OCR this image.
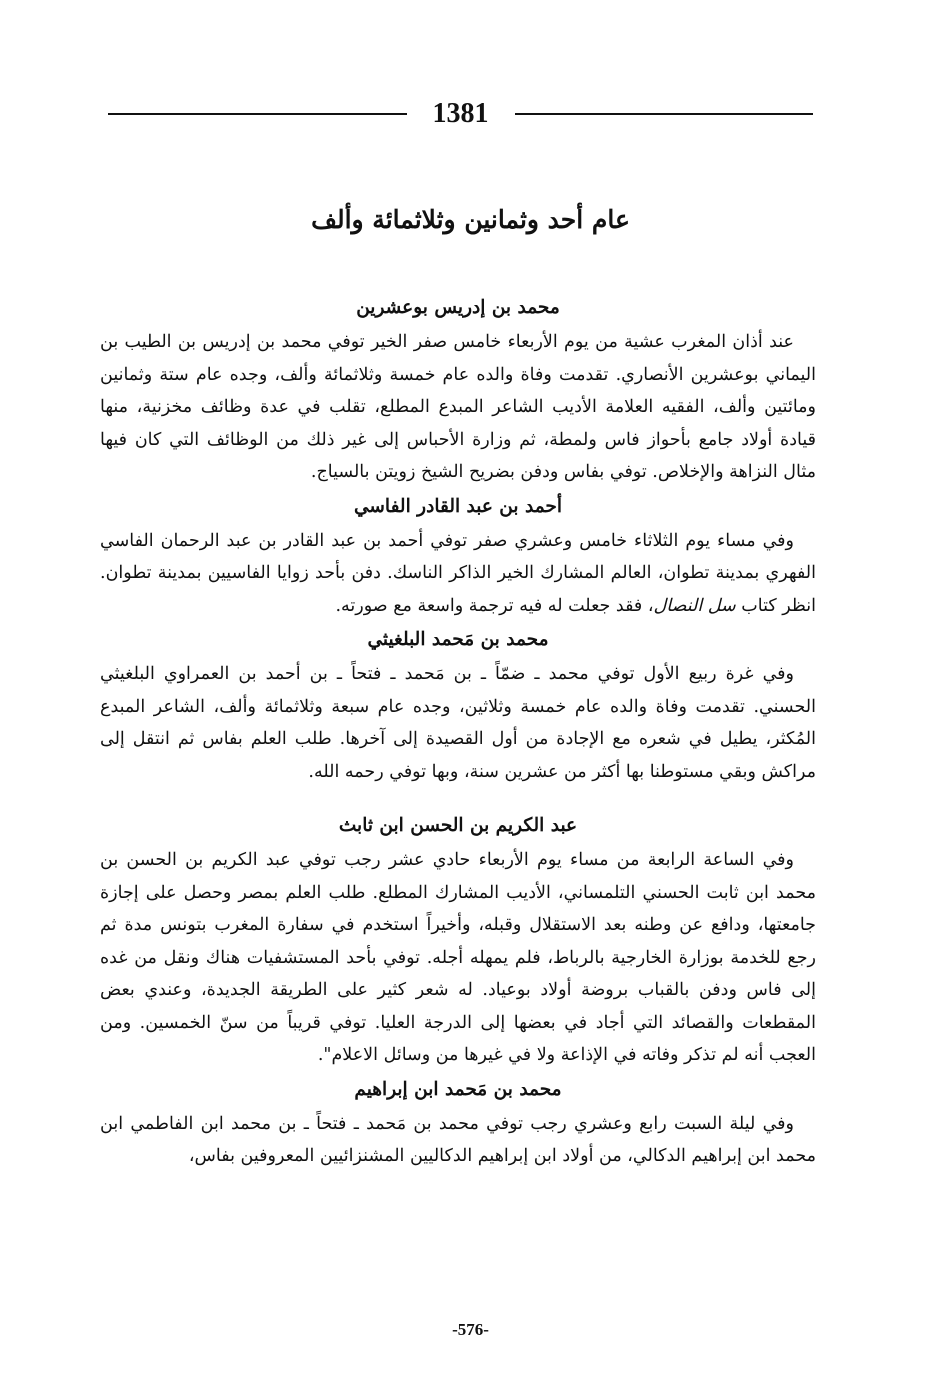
1381
عام أحد وثمانين وثلاثمائة وألف

محمد بن إدريس بوعشرين

عند أذان المغرب عشية من يوم الأربعاء خامس صفر الخير توفي محمد بن إدريس بن الطيب بن اليماني بوعشرين الأنصاري. تقدمت وفاة والده عام خمسة وثلاثمائة وألف، وجده عام ستة وثمانين ومائتين وألف، الفقيه العلامة الأديب الشاعر المبدع المطلع، تقلب في عدة وظائف مخزنية، منها قيادة أولاد جامع بأحواز فاس ولمطة، ثم وزارة الأحباس إلى غير ذلك من الوظائف التي كان فيها مثال النزاهة والإخلاص. توفي بفاس ودفن بضريح الشيخ زويتن بالسياج.

أحمد بن عبد القادر الفاسي

وفي مساء يوم الثلاثاء خامس وعشري صفر توفي أحمد بن عبد القادر بن عبد الرحمان الفاسي الفهري بمدينة تطوان، العالم المشارك الخير الذاكر الناسك. دفن بأحد زوايا الفاسيين بمدينة تطوان. انظر كتاب سل النصال، فقد جعلت له فيه ترجمة واسعة مع صورته.

محمد بن مَحمد البلغيثي

وفي غرة ربيع الأول توفي محمد ـ ضمّاً ـ بن مَحمد ـ فتحاً ـ بن أحمد بن العمراوي البلغيثي الحسني. تقدمت وفاة والده عام خمسة وثلاثين، وجده عام سبعة وثلاثمائة وألف، الشاعر المبدع المُكثر، يطيل في شعره مع الإجادة من أول القصيدة إلى آخرها. طلب العلم بفاس ثم انتقل إلى مراكش وبقي مستوطنا بها أكثر من عشرين سنة، وبها توفي رحمه الله.

عبد الكريم بن الحسن ابن ثابث

وفي الساعة الرابعة من مساء يوم الأربعاء حادي عشر رجب توفي عبد الكريم بن الحسن بن محمد ابن ثابت الحسني التلمساني، الأديب المشارك المطلع. طلب العلم بمصر وحصل على إجازة جامعتها، ودافع عن وطنه بعد الاستقلال وقبله، وأخيراً استخدم في سفارة المغرب بتونس مدة ثم رجع للخدمة بوزارة الخارجية بالرباط، فلم يمهله أجله. توفي بأحد المستشفيات هناك ونقل من غده إلى فاس ودفن بالقباب بروضة أولاد بوعياد. له شعر كثير على الطريقة الجديدة، وعندي بعض المقطعات والقصائد التي أجاد في بعضها إلى الدرجة العليا. توفي قريباً من سنّ الخمسين. ومن العجب أنه لم تذكر وفاته في الإذاعة ولا في غيرها من وسائل الاعلام".

محمد بن مَحمد ابن إبراهيم

وفي ليلة السبت رابع وعشري رجب توفي محمد بن مَحمد ـ فتحاً ـ بن محمد ابن الفاطمي ابن محمد ابن إبراهيم الدكالي، من أولاد ابن إبراهيم الدكاليين المشنزائيين المعروفين بفاس،

-576-
